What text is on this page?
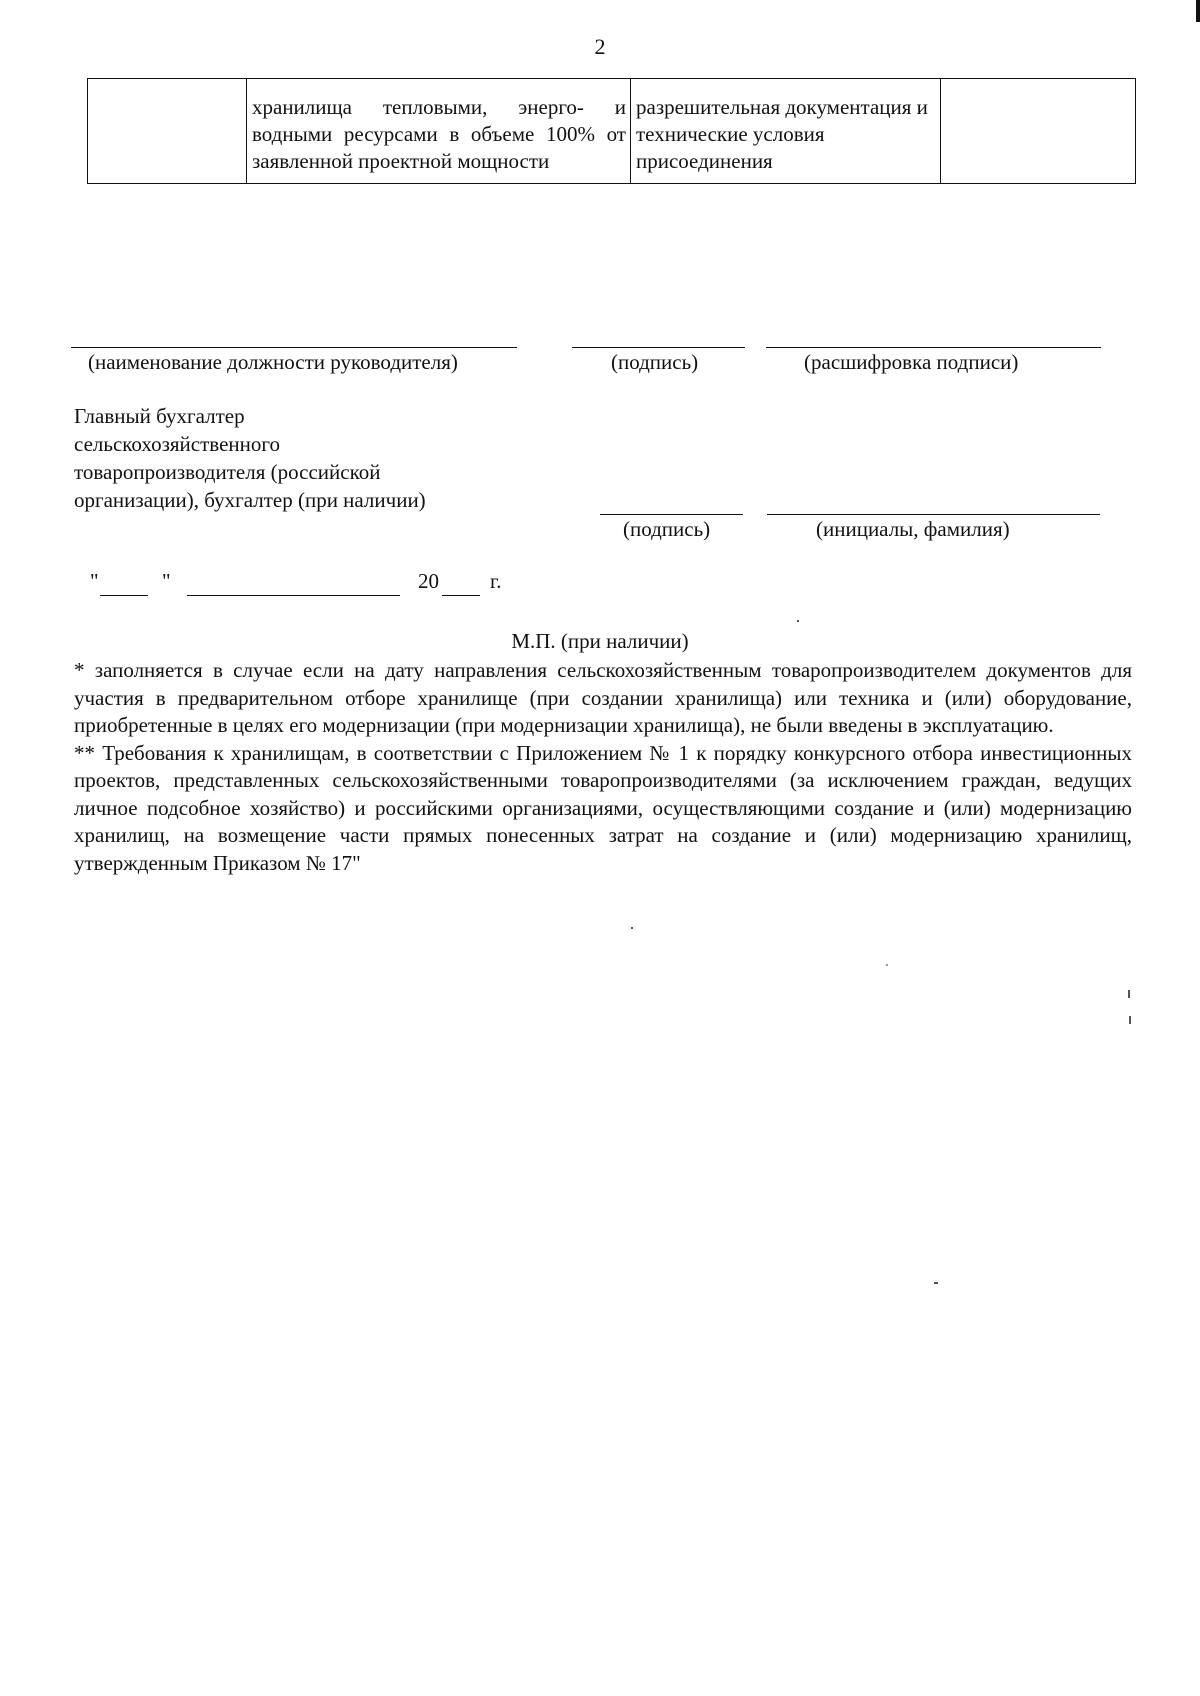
2
	хранилища тепловыми, энерго- и водными ресурсами в объеме 100% от заявленной проектной мощности	разрешительная документация и технические условия присоединения	
(наименование должности руководителя)	(подпись)	(расшифровка подписи)
Главный бухгалтер
сельскохозяйственного
товаропроизводителя (российской
организации), бухгалтер (при наличии)
(подпись)	(инициалы, фамилия)
"	"	20 г.
М.П. (при наличии)

* заполняется в случае если на дату направления сельскохозяйственным товаропроизводителем документов для участия в предварительном отборе хранилище (при создании хранилища) или техника и (или) оборудование, приобретенные в целях его модернизации (при модернизации хранилища), не были введены в эксплуатацию.

** Требования к хранилищам, в соответствии с Приложением № 1 к порядку конкурсного отбора инвестиционных проектов, представленных сельскохозяйственными товаропроизводителями (за исключением граждан, ведущих личное подсобное хозяйство) и российскими организациями, осуществляющими создание и (или) модернизацию хранилищ, на возмещение части прямых понесенных затрат на создание и (или) модернизацию хранилищ, утвержденным Приказом № 17"
